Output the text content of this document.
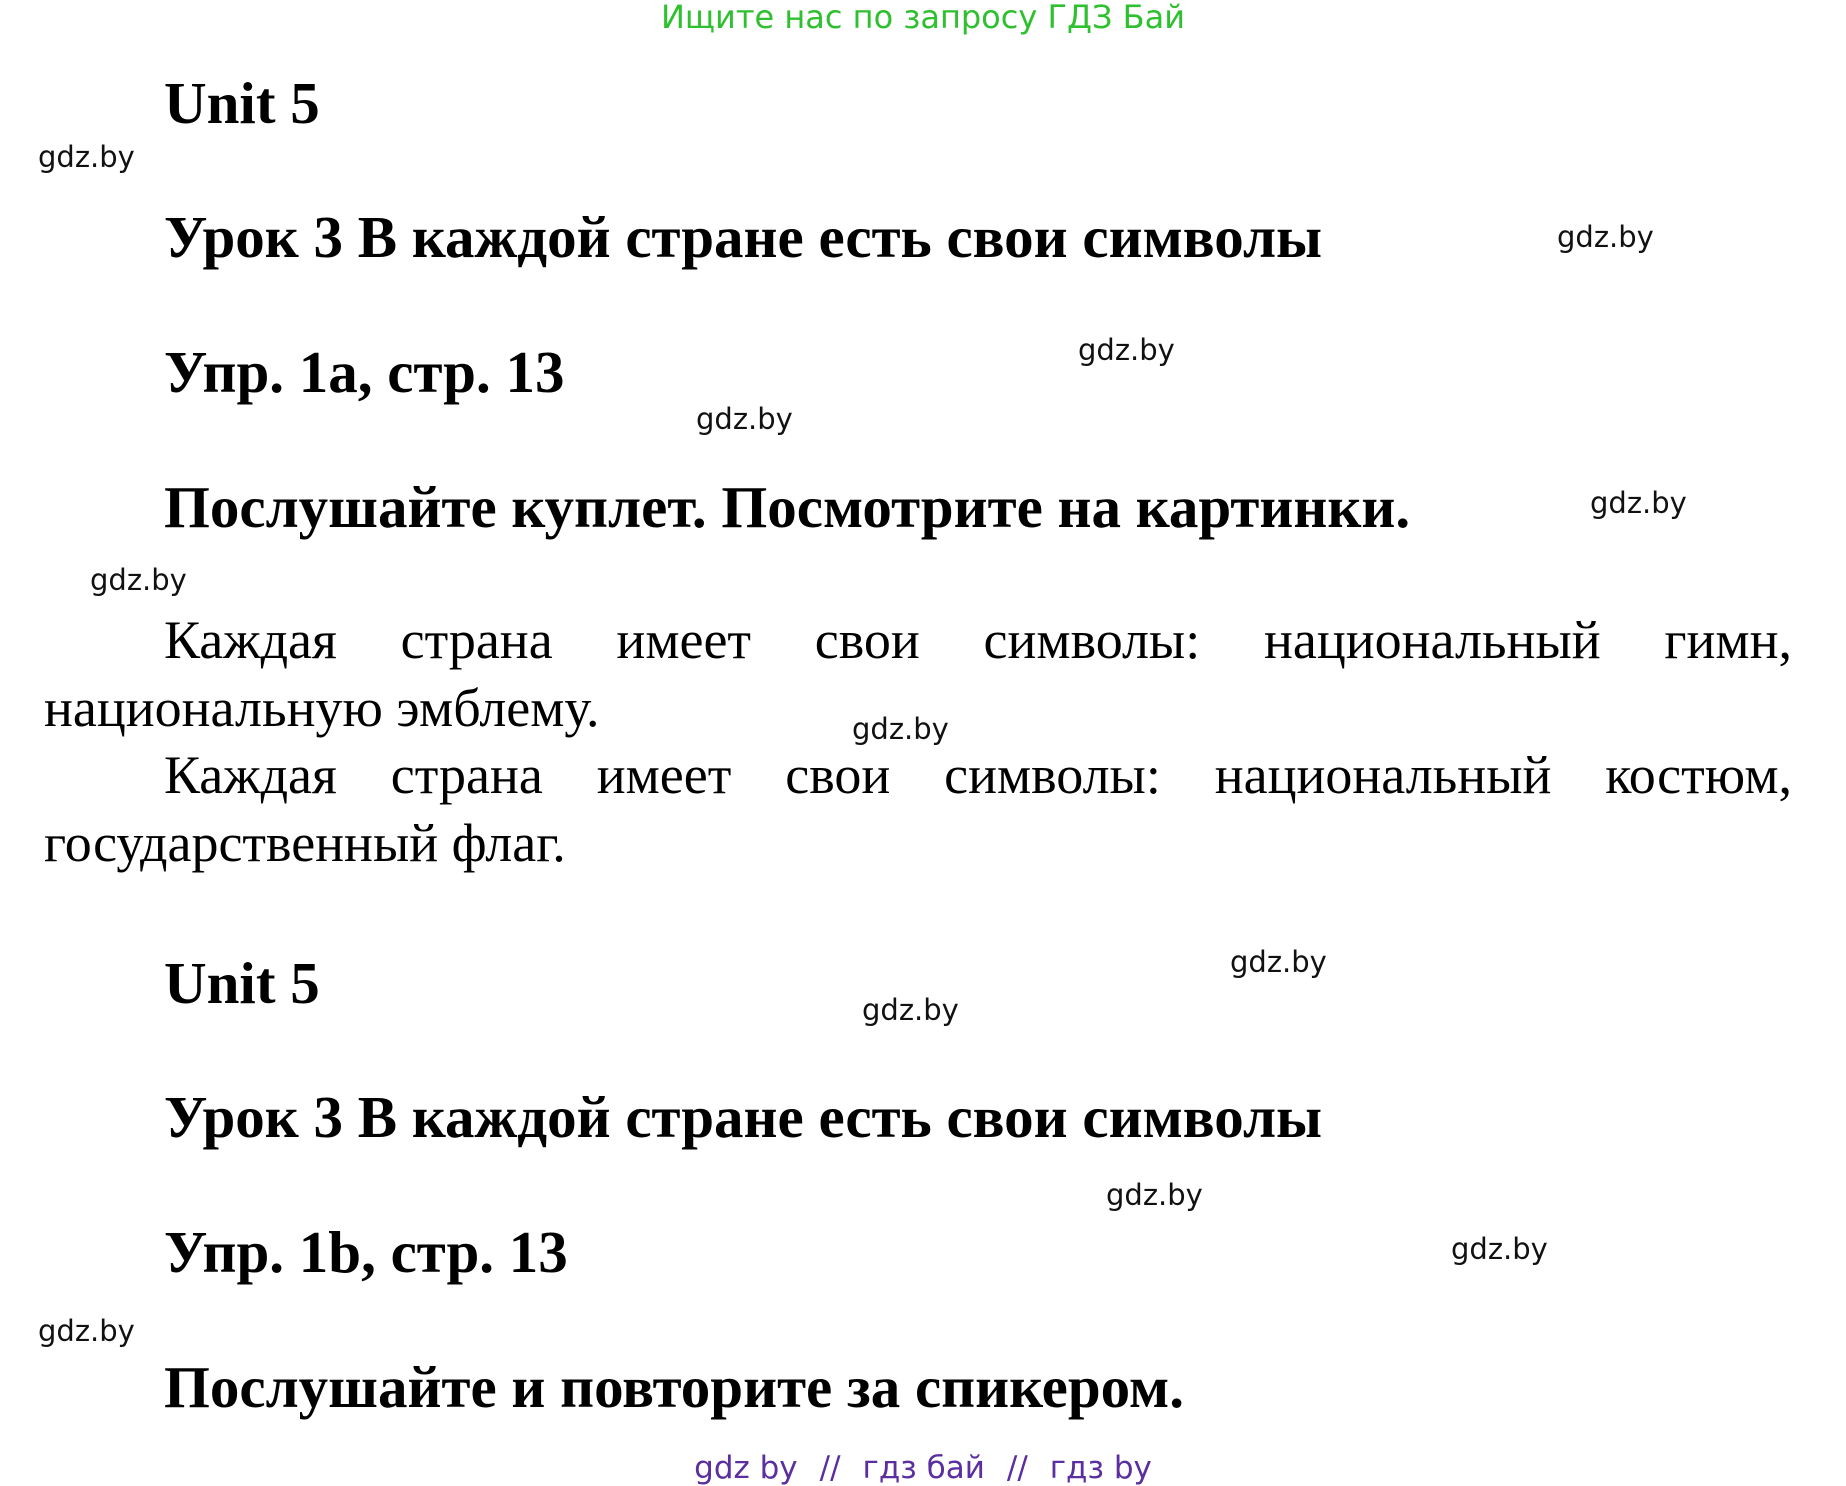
Ищите нас по запросу ГДЗ Бай
Unit 5
Урок 3 В каждой стране есть свои символы
Упр. 1a, стр. 13
Послушайте куплет. Посмотрите на картинки.

Каждая страна имеет свои символы: национальный гимн, национальную эмблему.

Каждая страна имеет свои символы: национальный костюм, государственный флаг.

Unit 5
Урок 3 В каждой стране есть свои символы
Упр. 1b, стр. 13
Послушайте и повторите за спикером.
gdz.by
gdz.by
gdz.by
gdz.by
gdz.by
gdz.by
gdz.by
gdz.by
gdz.by
gdz.by
gdz.by
gdz.by
gdz by // гдз бай // гдз by
